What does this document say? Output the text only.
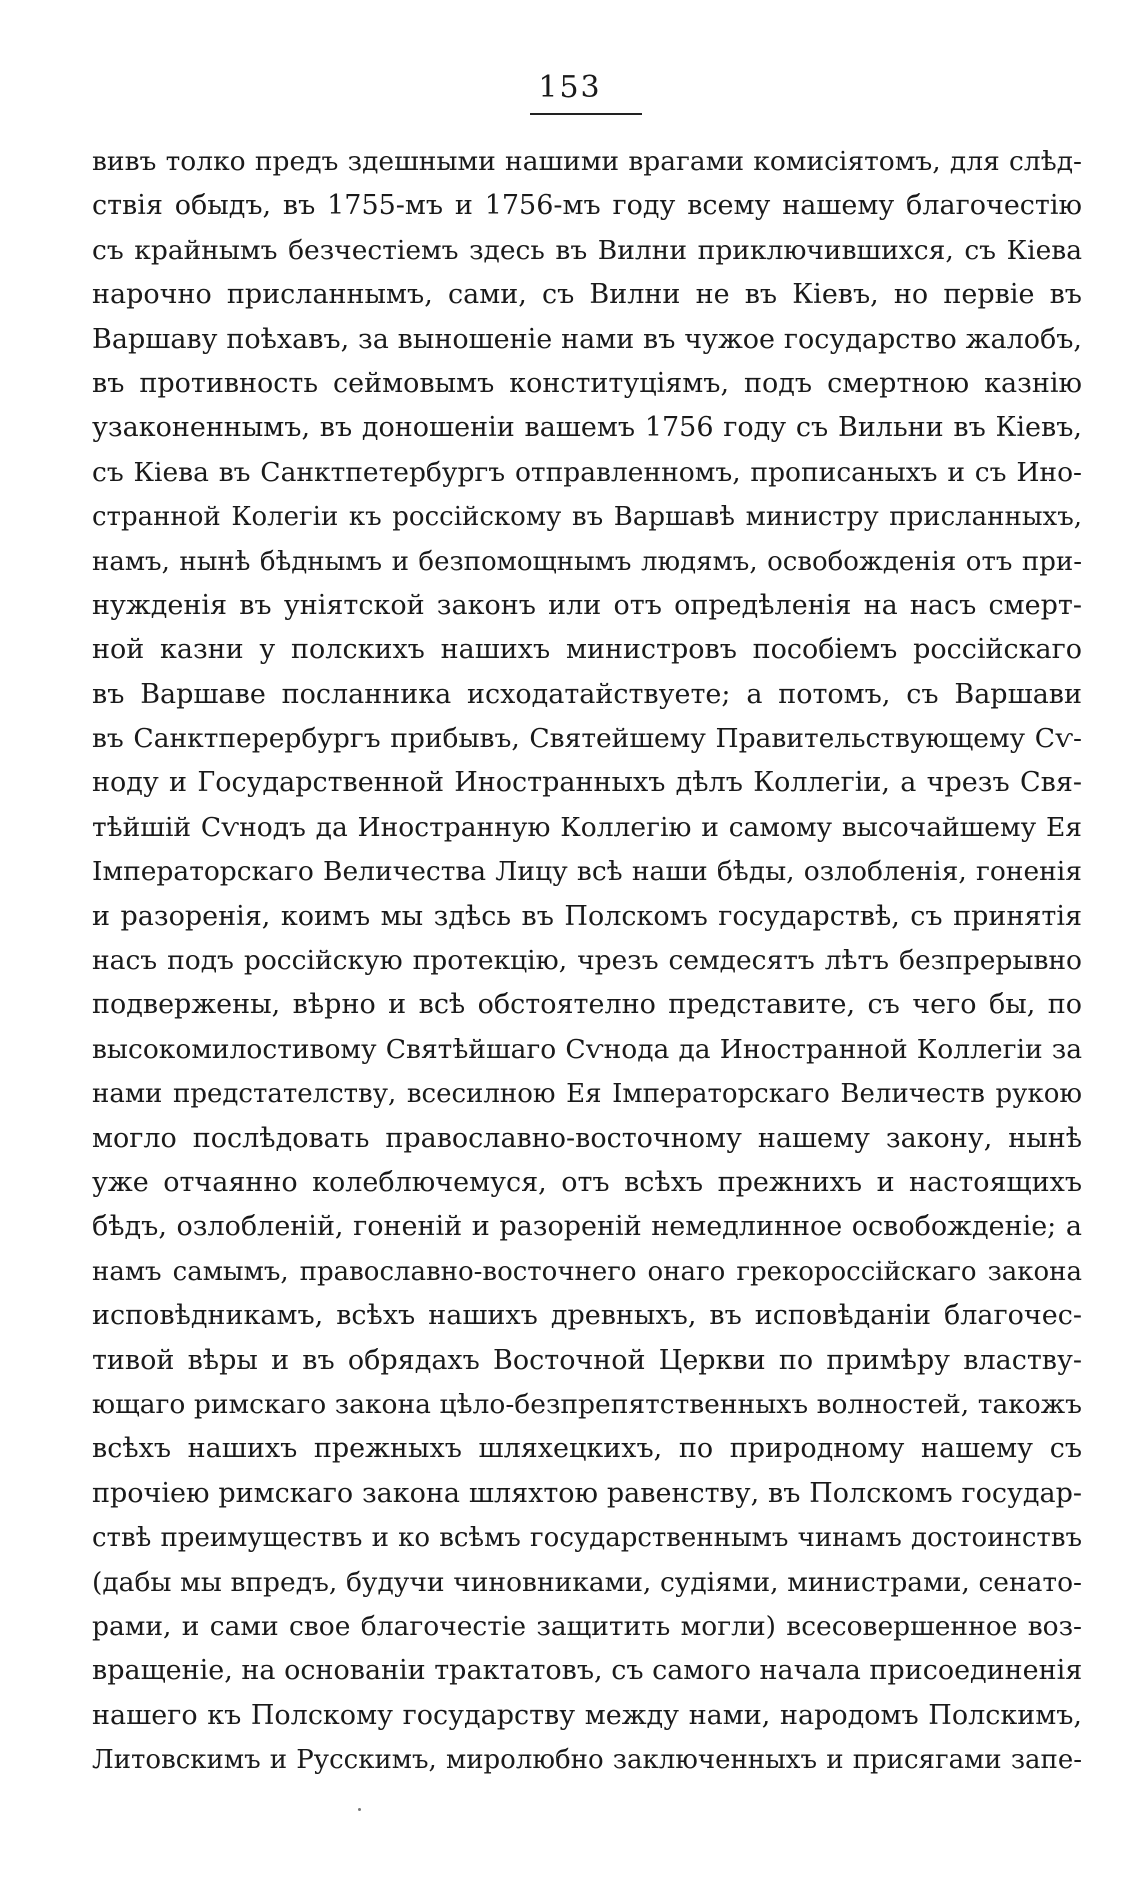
153
вивъ толко предъ здешными нашими врагами комисіятомъ, для слѣд-
ствія обыдъ, въ 1755-мъ и 1756-мъ году всему нашему благочестію
съ крайнымъ безчестіемъ здесь въ Вилни приключившихся, съ Кіева
нарочно присланнымъ, сами, съ Вилни не въ Кіевъ, но первіе въ
Варшаву поѣхавъ, за выношеніе нами въ чужое государство жалобъ,
въ противность сеймовымъ конституціямъ, подъ смертною казнію
узаконеннымъ, въ доношеніи вашемъ 1756 году съ Вильни въ Кіевъ,
съ Кіева въ Санктпетербургъ отправленномъ, прописаныхъ и съ Ино-
странной Колегіи къ россійскому въ Варшавѣ министру присланныхъ,
намъ, нынѣ бѣднымъ и безпомощнымъ людямъ, освобожденія отъ при-
нужденія въ уніятской законъ или отъ опредѣленія на насъ смерт-
ной казни у полскихъ нашихъ министровъ пособіемъ россійскаго
въ Варшаве посланника исходатайствуете; а потомъ, съ Варшави
въ Санктперербургъ прибывъ, Святейшему Правительствующему Сѵ-
ноду и Государственной Иностранныхъ дѣлъ Коллегіи, а чрезъ Свя-
тѣйшій Сѵнодъ да Иностранную Коллегію и самому высочайшему Ея
Імператорскаго Величества Лицу всѣ наши бѣды, озлобленія, гоненія
и разоренія, коимъ мы здѣсь въ Полскомъ государствѣ, съ принятія
насъ подъ россійскую протекцію, чрезъ семдесятъ лѣтъ безпрерывно
подвержены, вѣрно и всѣ обстоятелно представите, съ чего бы, по
высокомилостивому Святѣйшаго Сѵнода да Иностранной Коллегіи за
нами предстателству, всесилною Ея Імператорскаго Величеств рукою
могло послѣдовать православно-восточному нашему закону, нынѣ
уже отчаянно колеблючемуся, отъ всѣхъ прежнихъ и настоящихъ
бѣдъ, озлобленій, гоненій и разореній немедлинное освобожденіе; а
намъ самымъ, православно-восточнего онаго грекороссійскаго закона
исповѣдникамъ, всѣхъ нашихъ древныхъ, въ исповѣданіи благочес-
тивой вѣры и въ обрядахъ Восточной Церкви по примѣру властву-
ющаго римскаго закона цѣло-безпрепятственныхъ волностей, такожъ
всѣхъ нашихъ прежныхъ шляхецкихъ, по природному нашему съ
прочіею римскаго закона шляхтою равенству, въ Полскомъ государ-
ствѣ преимуществъ и ко всѣмъ государственнымъ чинамъ достоинствъ
(дабы мы впредъ, будучи чиновниками, судіями, министрами, сенато-
рами, и сами свое благочестіе защитить могли) всесовершенное воз-
вращеніе, на основаніи трактатовъ, съ самого начала присоединенія
нашего къ Полскому государству между нами, народомъ Полскимъ,
Литовскимъ и Русскимъ, миролюбно заключенныхъ и присягами запе-
